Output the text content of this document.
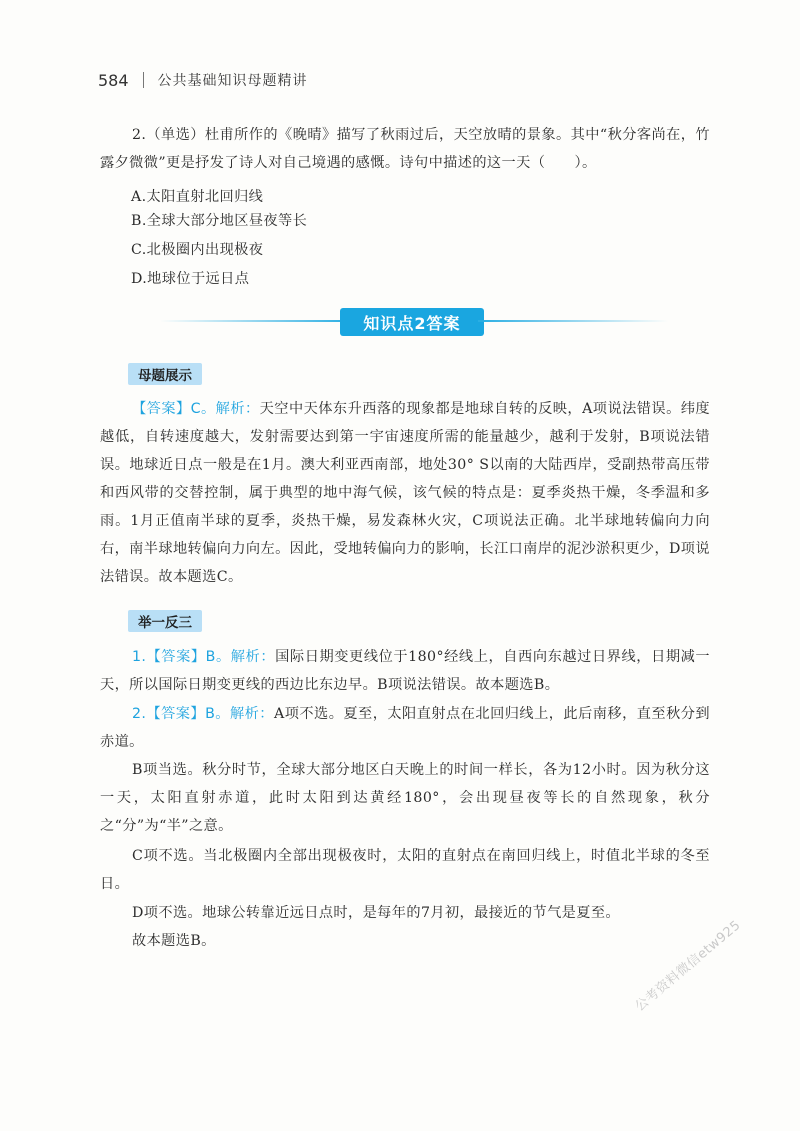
584 公共基础知识母题精讲
2.（单选）杜甫所作的《晚晴》描写了秋雨过后，天空放晴的景象。其中“秋分客尚在，竹露夕微微”更是抒发了诗人对自己境遇的感慨。诗句中描述的这一天（　　）。
A.太阳直射北回归线
B.全球大部分地区昼夜等长
C.北极圈内出现极夜
D.地球位于远日点
知识点2答案
母题展示
【答案】C。解析：天空中天体东升西落的现象都是地球自转的反映，A项说法错误。纬度越低，自转速度越大，发射需要达到第一宇宙速度所需的能量越少，越利于发射，B项说法错误。地球近日点一般是在1月。澳大利亚西南部，地处30° S以南的大陆西岸，受副热带高压带和西风带的交替控制，属于典型的地中海气候，该气候的特点是：夏季炎热干燥，冬季温和多雨。1月正值南半球的夏季，炎热干燥，易发森林火灾，C项说法正确。北半球地转偏向力向右，南半球地转偏向力向左。因此，受地转偏向力的影响，长江口南岸的泥沙淤积更少，D项说法错误。故本题选C。
举一反三
1.【答案】B。解析：国际日期变更线位于180°经线上，自西向东越过日界线，日期减一天，所以国际日期变更线的西边比东边早。B项说法错误。故本题选B。
2.【答案】B。解析：A项不选。夏至，太阳直射点在北回归线上，此后南移，直至秋分到赤道。
B项当选。秋分时节，全球大部分地区白天晚上的时间一样长，各为12小时。因为秋分这一天，太阳直射赤道，此时太阳到达黄经180°，会出现昼夜等长的自然现象，秋分之“分”为“半”之意。
C项不选。当北极圈内全部出现极夜时，太阳的直射点在南回归线上，时值北半球的冬至日。
D项不选。地球公转靠近远日点时，是每年的7月初，最接近的节气是夏至。
故本题选B。	公考资料微信etw925
